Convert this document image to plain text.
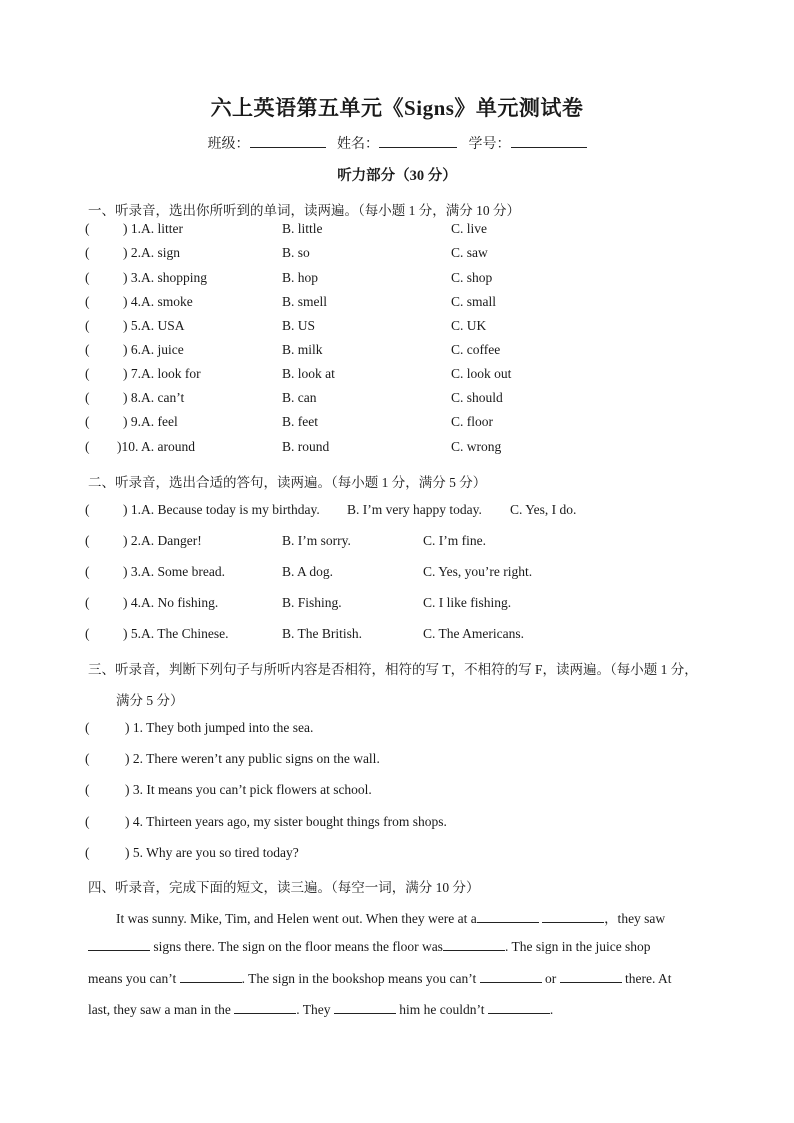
六上英语第五单元《Signs》单元测试卷
班级：	姓名：	学号：
听力部分（30 分）
一、听录音，选出你所听到的单词，读两遍。（每小题 1 分，满分 10 分）
( ) 1. A. litter	B. little	C. live
( ) 2. A. sign	B. so	C. saw
( ) 3. A. shopping	B. hop	C. shop
( ) 4. A. smoke	B. smell	C. small
( ) 5. A. USA	B. US	C. UK
( ) 6. A. juice	B. milk	C. coffee
( ) 7. A. look for	B. look at	C. look out
( ) 8. A. can’t	B. can	C. should
( ) 9. A. feel	B. feet	C. floor
( )10. A. around	B. round	C. wrong
二、听录音，选出合适的答句，读两遍。（每小题 1 分，满分 5 分）
( ) 1. A. Because today is my birthday. B. I’m very happy today. C. Yes, I do.
( ) 2. A. Danger!	B. I’m sorry.	C. I’m fine.
( ) 3. A. Some bread.	B. A dog.	C. Yes, you’re right.
( ) 4. A. No fishing.	B. Fishing.	C. I like fishing.
( ) 5. A. The Chinese.	B. The British.	C. The Americans.
三、听录音，判断下列句子与所听内容是否相符，相符的写 T，不相符的写 F，读两遍。（每小题 1 分，
满分 5 分）
(	) 1. They both jumped into the sea.
(	) 2. There weren’t any public signs on the wall.
(	) 3. It means you can’t pick flowers at school.
(	) 4. Thirteen years ago, my sister bought things from shops.
(	) 5. Why are you so tired today?
四、听录音，完成下面的短文，读三遍。（每空一词，满分 10 分）
It was sunny. Mike, Tim, and Helen went out. When they were at a	，they saw
signs there. The sign on the floor means the floor was	. The sign in the juice shop
means you can’t	. The sign in the bookshop means you can’t	or	there. At
last, they saw a man in the	. They	him he couldn’t	.
